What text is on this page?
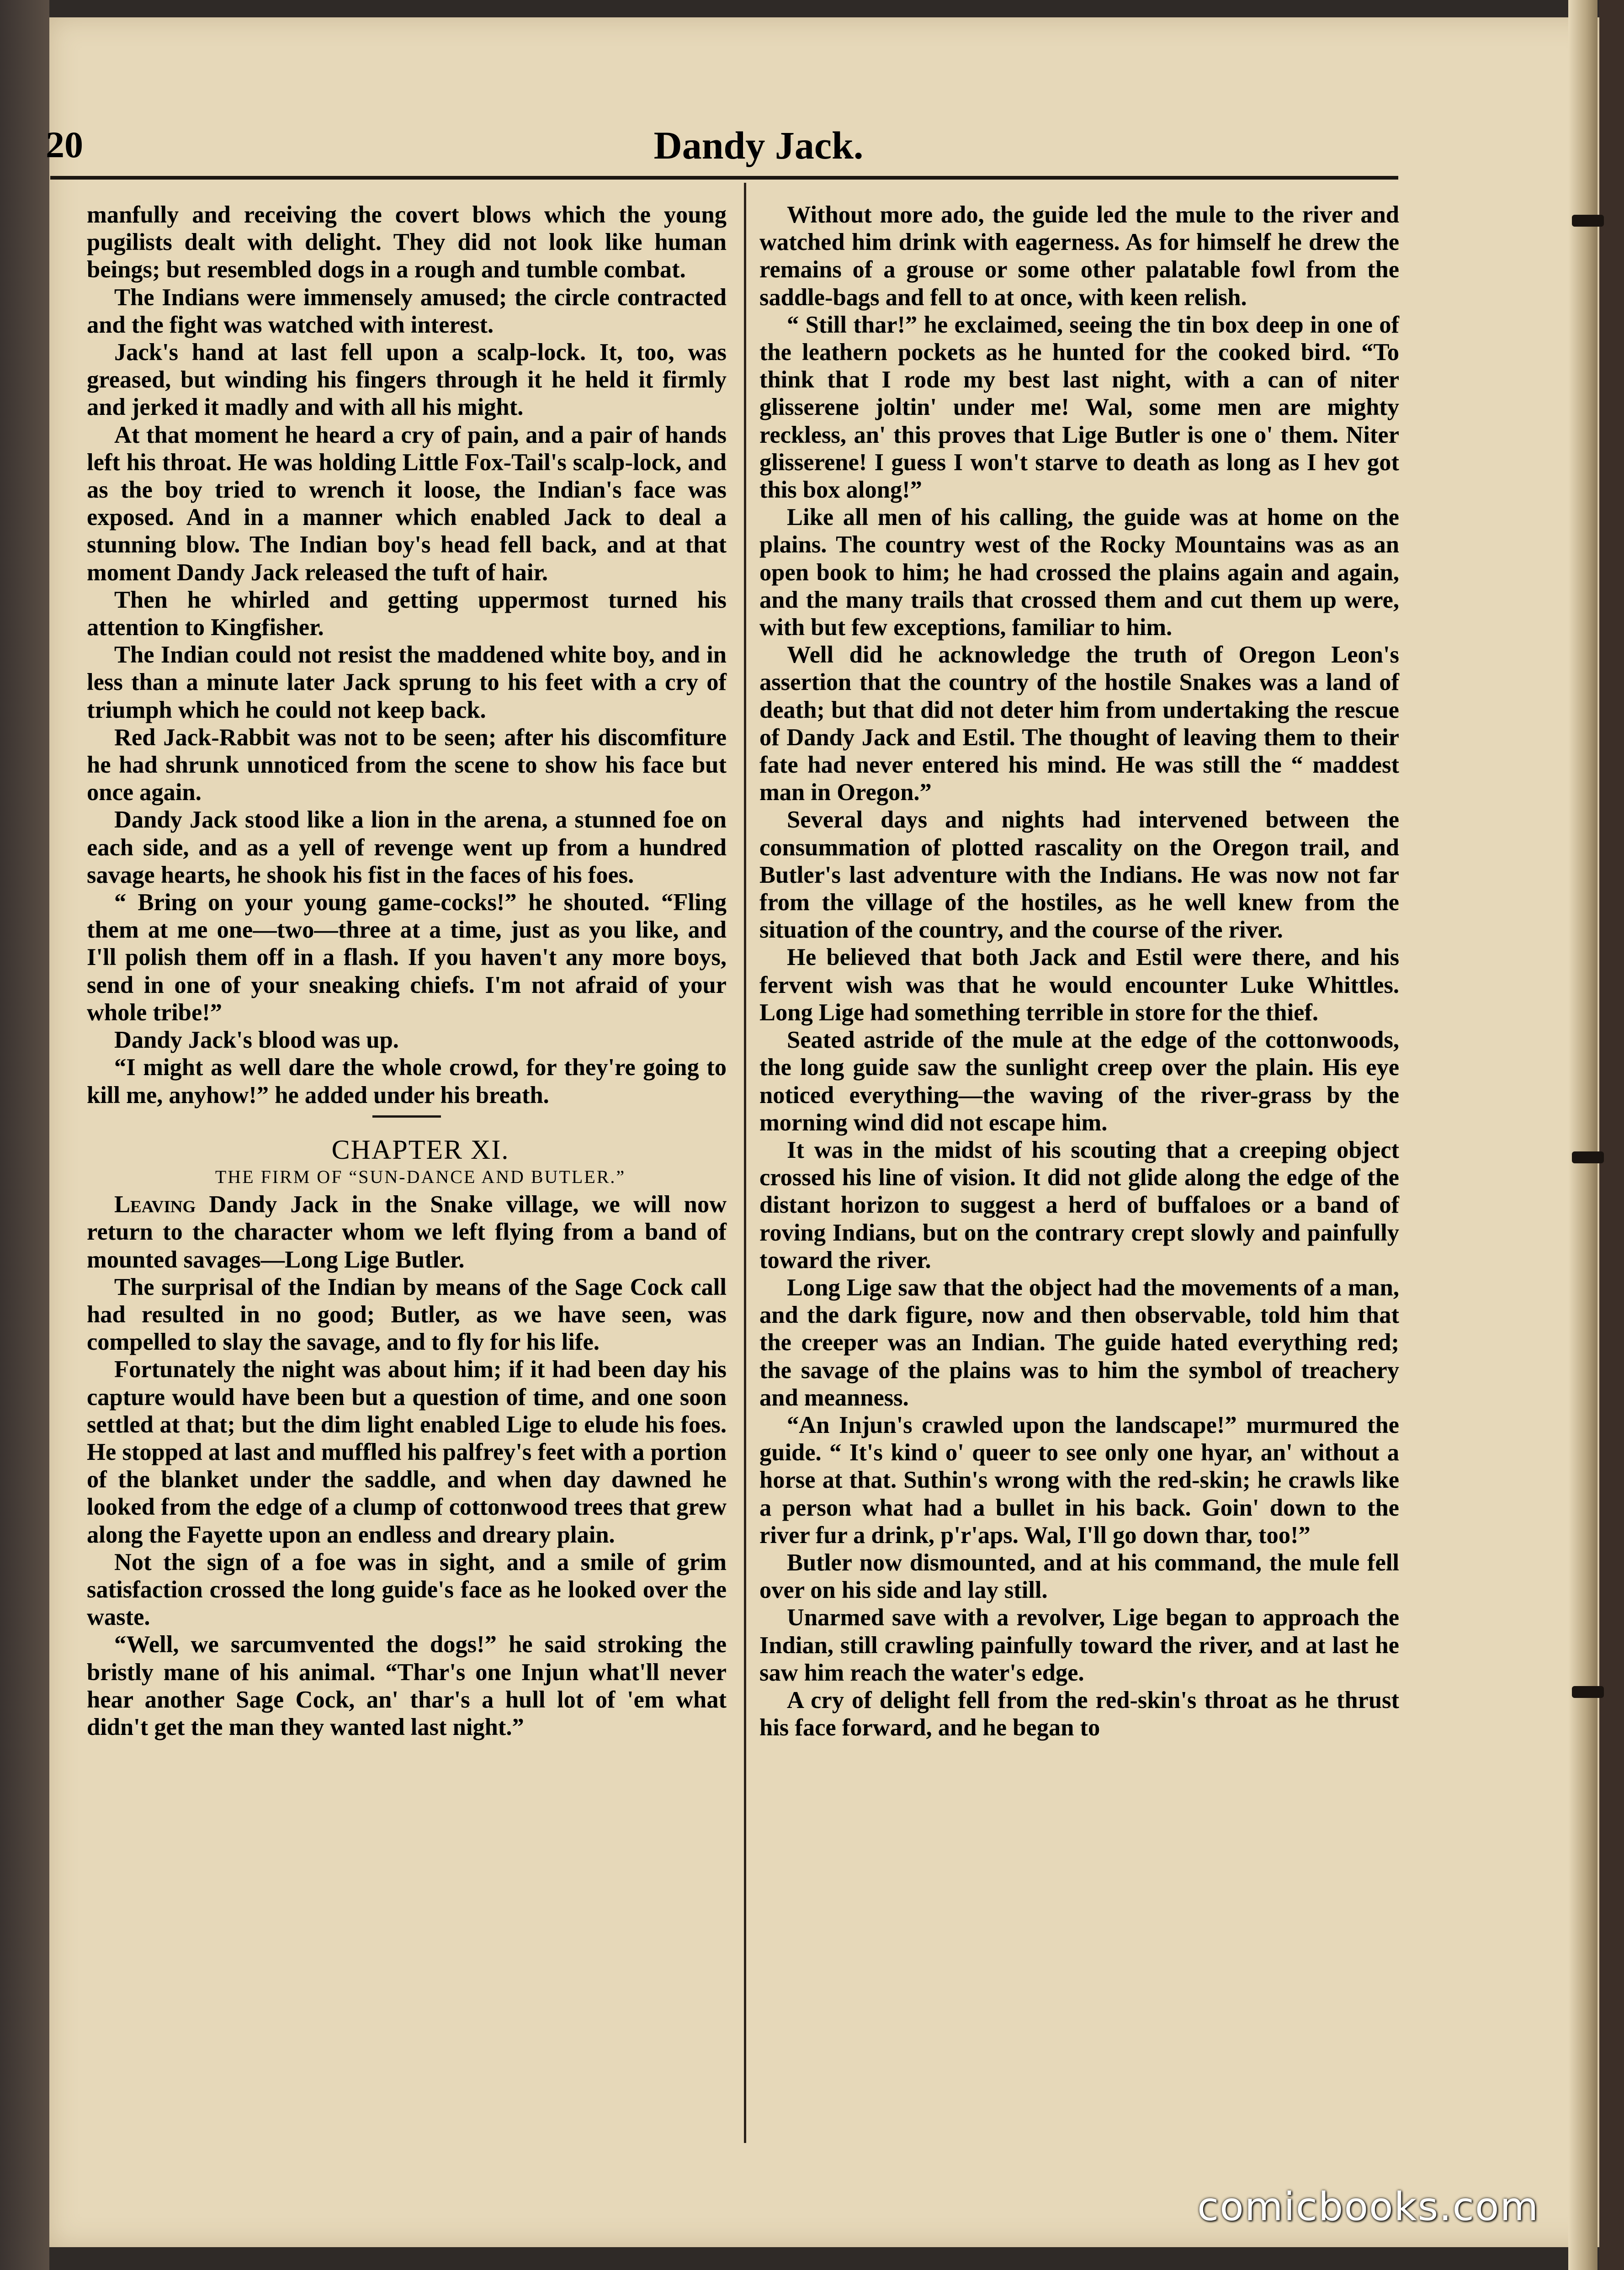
20	Dandy Jack.

manfully and receiving the covert blows which the young pugilists dealt with delight. They did not look like human beings; but resembled dogs in a rough and tumble combat.

The Indians were immensely amused; the circle contracted and the fight was watched with interest.

Jack's hand at last fell upon a scalp-lock. It, too, was greased, but winding his fingers through it he held it firmly and jerked it madly and with all his might.

At that moment he heard a cry of pain, and a pair of hands left his throat. He was holding Little Fox-Tail's scalp-lock, and as the boy tried to wrench it loose, the Indian's face was exposed. And in a manner which enabled Jack to deal a stunning blow. The Indian boy's head fell back, and at that moment Dandy Jack released the tuft of hair.

Then he whirled and getting uppermost turned his attention to Kingfisher.

The Indian could not resist the maddened white boy, and in less than a minute later Jack sprung to his feet with a cry of triumph which he could not keep back.

Red Jack-Rabbit was not to be seen; after his discomfiture he had shrunk unnoticed from the scene to show his face but once again.

Dandy Jack stood like a lion in the arena, a stunned foe on each side, and as a yell of revenge went up from a hundred savage hearts, he shook his fist in the faces of his foes.

“ Bring on your young game-cocks!” he shouted. “Fling them at me one—two—three at a time, just as you like, and I'll polish them off in a flash. If you haven't any more boys, send in one of your sneaking chiefs. I'm not afraid of your whole tribe!”

Dandy Jack's blood was up.

“I might as well dare the whole crowd, for they're going to kill me, anyhow!” he added under his breath.

CHAPTER XI.

THE FIRM OF “SUN-DANCE AND BUTLER.”

Leaving Dandy Jack in the Snake village, we will now return to the character whom we left flying from a band of mounted savages—Long Lige Butler.

The surprisal of the Indian by means of the Sage Cock call had resulted in no good; Butler, as we have seen, was compelled to slay the savage, and to fly for his life.

Fortunately the night was about him; if it had been day his capture would have been but a question of time, and one soon settled at that; but the dim light enabled Lige to elude his foes. He stopped at last and muffled his palfrey's feet with a portion of the blanket under the saddle, and when day dawned he looked from the edge of a clump of cottonwood trees that grew along the Fayette upon an endless and dreary plain.

Not the sign of a foe was in sight, and a smile of grim satisfaction crossed the long guide's face as he looked over the waste.

“Well, we sarcumvented the dogs!” he said stroking the bristly mane of his animal. “Thar's one Injun what'll never hear another Sage Cock, an' thar's a hull lot of 'em what didn't get the man they wanted last night.”

Without more ado, the guide led the mule to the river and watched him drink with eagerness. As for himself he drew the remains of a grouse or some other palatable fowl from the saddle-bags and fell to at once, with keen relish.

“ Still thar!” he exclaimed, seeing the tin box deep in one of the leathern pockets as he hunted for the cooked bird. “To think that I rode my best last night, with a can of niter glisserene joltin' under me! Wal, some men are mighty reckless, an' this proves that Lige Butler is one o' them. Niter glisserene! I guess I won't starve to death as long as I hev got this box along!”

Like all men of his calling, the guide was at home on the plains. The country west of the Rocky Mountains was as an open book to him; he had crossed the plains again and again, and the many trails that crossed them and cut them up were, with but few exceptions, familiar to him.

Well did he acknowledge the truth of Oregon Leon's assertion that the country of the hostile Snakes was a land of death; but that did not deter him from undertaking the rescue of Dandy Jack and Estil. The thought of leaving them to their fate had never entered his mind. He was still the “ maddest man in Oregon.”

Several days and nights had intervened between the consummation of plotted rascality on the Oregon trail, and Butler's last adventure with the Indians. He was now not far from the village of the hostiles, as he well knew from the situation of the country, and the course of the river.

He believed that both Jack and Estil were there, and his fervent wish was that he would encounter Luke Whittles. Long Lige had something terrible in store for the thief.

Seated astride of the mule at the edge of the cottonwoods, the long guide saw the sunlight creep over the plain. His eye noticed everything—the waving of the river-grass by the morning wind did not escape him.

It was in the midst of his scouting that a creeping object crossed his line of vision. It did not glide along the edge of the distant horizon to suggest a herd of buffaloes or a band of roving Indians, but on the contrary crept slowly and painfully toward the river.

Long Lige saw that the object had the movements of a man, and the dark figure, now and then observable, told him that the creeper was an Indian. The guide hated everything red; the savage of the plains was to him the symbol of treachery and meanness.

“An Injun's crawled upon the landscape!” murmured the guide. “ It's kind o' queer to see only one hyar, an' without a horse at that. Suthin's wrong with the red-skin; he crawls like a person what had a bullet in his back. Goin' down to the river fur a drink, p'r'aps. Wal, I'll go down thar, too!”

Butler now dismounted, and at his command, the mule fell over on his side and lay still.

Unarmed save with a revolver, Lige began to approach the Indian, still crawling painfully toward the river, and at last he saw him reach the water's edge.

A cry of delight fell from the red-skin's throat as he thrust his face forward, and he began to

comicbooks.com
